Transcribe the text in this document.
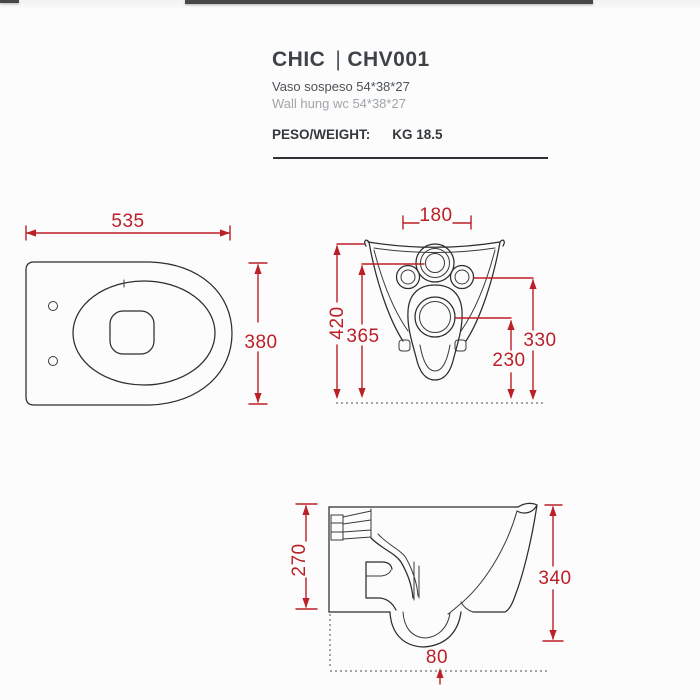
CHIC | CHV001
Vaso sospeso 54*38*27
Wall hung wc 54*38*27
PESO/WEIGHT: KG 18.5
535
380
180
420
365	330
230
270
340
80
